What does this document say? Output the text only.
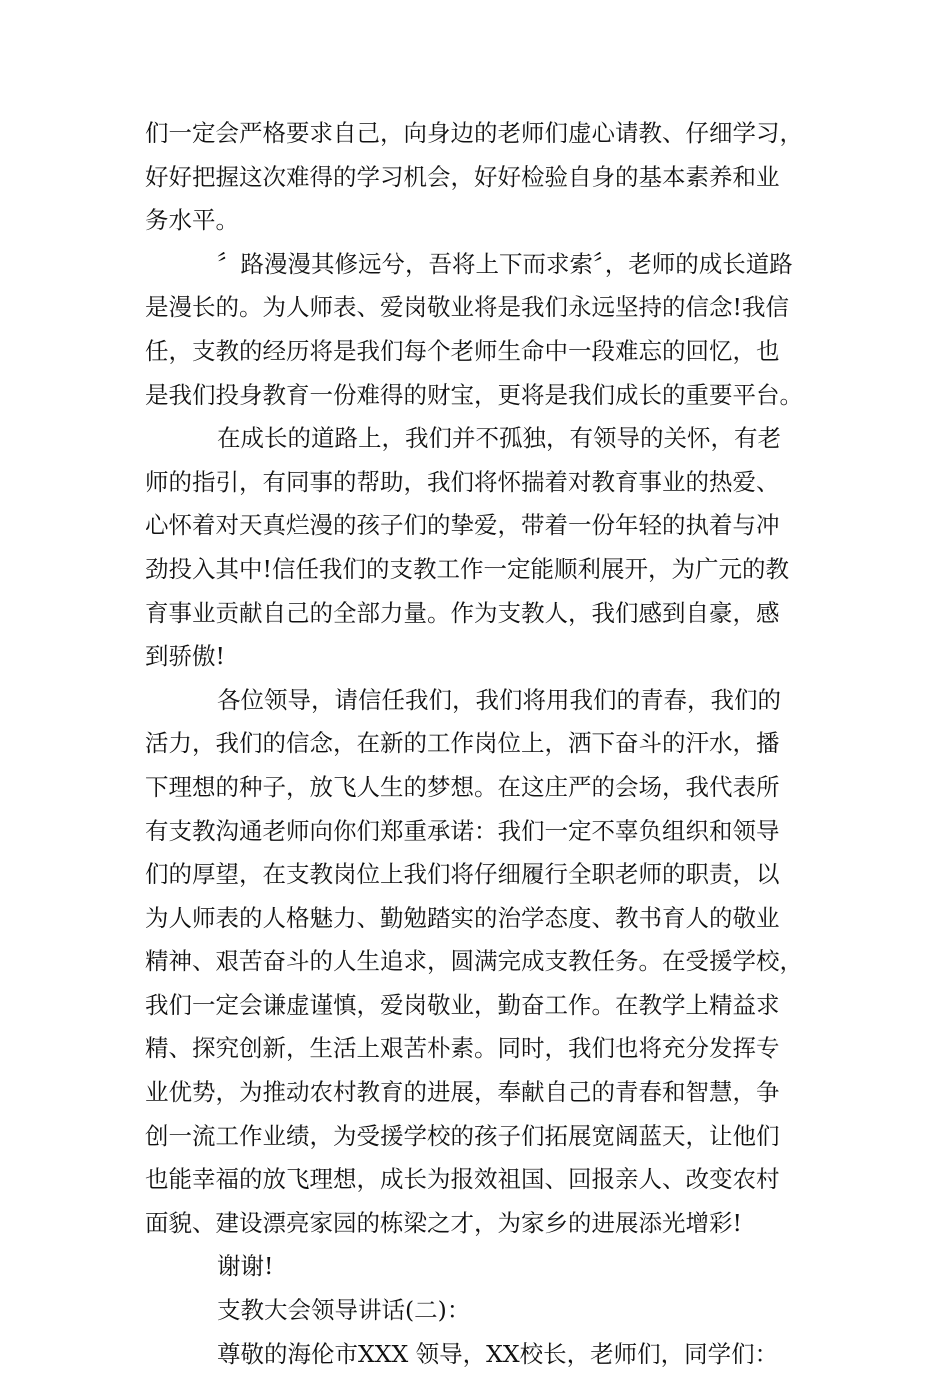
们一定会严格要求自己，向身边的老师们虚心请教、仔细学习，
好好把握这次难得的学习机会，好好检验自身的基本素养和业
务水平。
〞路漫漫其修远兮，吾将上下而求索〞，老师的成长道路
是漫长的。为人师表、爱岗敬业将是我们永远坚持的信念!我信
任，支教的经历将是我们每个老师生命中一段难忘的回忆，也
是我们投身教育一份难得的财宝，更将是我们成长的重要平台。
在成长的道路上，我们并不孤独，有领导的关怀，有老
师的指引，有同事的帮助，我们将怀揣着对教育事业的热爱、
心怀着对天真烂漫的孩子们的挚爱，带着一份年轻的执着与冲
劲投入其中!信任我们的支教工作一定能顺利展开，为广元的教
育事业贡献自己的全部力量。作为支教人，我们感到自豪，感
到骄傲!
各位领导，请信任我们，我们将用我们的青春，我们的
活力，我们的信念，在新的工作岗位上，洒下奋斗的汗水，播
下理想的种子，放飞人生的梦想。在这庄严的会场，我代表所
有支教沟通老师向你们郑重承诺：我们一定不辜负组织和领导
们的厚望，在支教岗位上我们将仔细履行全职老师的职责，以
为人师表的人格魅力、勤勉踏实的治学态度、教书育人的敬业
精神、艰苦奋斗的人生追求，圆满完成支教任务。在受援学校，
我们一定会谦虚谨慎，爱岗敬业，勤奋工作。在教学上精益求
精、探究创新，生活上艰苦朴素。同时，我们也将充分发挥专
业优势，为推动农村教育的进展，奉献自己的青春和智慧，争
创一流工作业绩，为受援学校的孩子们拓展宽阔蓝天，让他们
也能幸福的放飞理想，成长为报效祖国、回报亲人、改变农村
面貌、建设漂亮家园的栋梁之才，为家乡的进展添光增彩!
谢谢!
支教大会领导讲话(二)：
尊敬的海伦市XXX 领导，XX校长，老师们，同学们：
